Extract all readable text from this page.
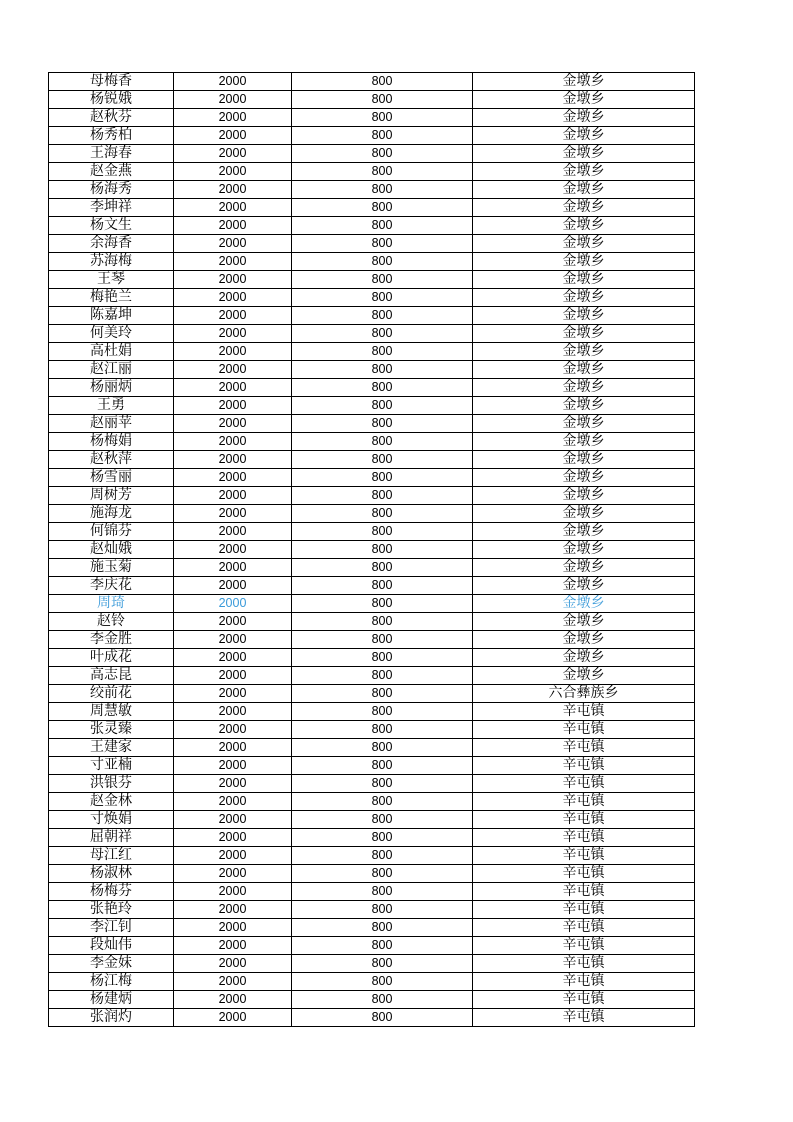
母梅香	2000	800	金墩乡
杨锐娥	2000	800	金墩乡
赵秋芬	2000	800	金墩乡
杨秀柏	2000	800	金墩乡
王海春	2000	800	金墩乡
赵金燕	2000	800	金墩乡
杨海秀	2000	800	金墩乡
李坤祥	2000	800	金墩乡
杨文生	2000	800	金墩乡
余海香	2000	800	金墩乡
苏海梅	2000	800	金墩乡
王琴	2000	800	金墩乡
梅艳兰	2000	800	金墩乡
陈嘉坤	2000	800	金墩乡
何美玲	2000	800	金墩乡
高杜娟	2000	800	金墩乡
赵江丽	2000	800	金墩乡
杨丽炳	2000	800	金墩乡
王勇	2000	800	金墩乡
赵丽苹	2000	800	金墩乡
杨梅娟	2000	800	金墩乡
赵秋萍	2000	800	金墩乡
杨雪丽	2000	800	金墩乡
周树芳	2000	800	金墩乡
施海龙	2000	800	金墩乡
何锦芬	2000	800	金墩乡
赵灿娥	2000	800	金墩乡
施玉菊	2000	800	金墩乡
李庆花	2000	800	金墩乡
周琦	2000	800	金墩乡
赵铃	2000	800	金墩乡
李金胜	2000	800	金墩乡
叶成花	2000	800	金墩乡
高志昆	2000	800	金墩乡
绞前花	2000	800	六合彝族乡
周慧敏	2000	800	辛屯镇
张灵臻	2000	800	辛屯镇
王建家	2000	800	辛屯镇
寸亚楠	2000	800	辛屯镇
洪银芬	2000	800	辛屯镇
赵金林	2000	800	辛屯镇
寸焕娟	2000	800	辛屯镇
屈朝祥	2000	800	辛屯镇
母江红	2000	800	辛屯镇
杨淑林	2000	800	辛屯镇
杨梅芬	2000	800	辛屯镇
张艳玲	2000	800	辛屯镇
李江钊	2000	800	辛屯镇
段灿伟	2000	800	辛屯镇
李金妹	2000	800	辛屯镇
杨江梅	2000	800	辛屯镇
杨建炳	2000	800	辛屯镇
张润灼	2000	800	辛屯镇
